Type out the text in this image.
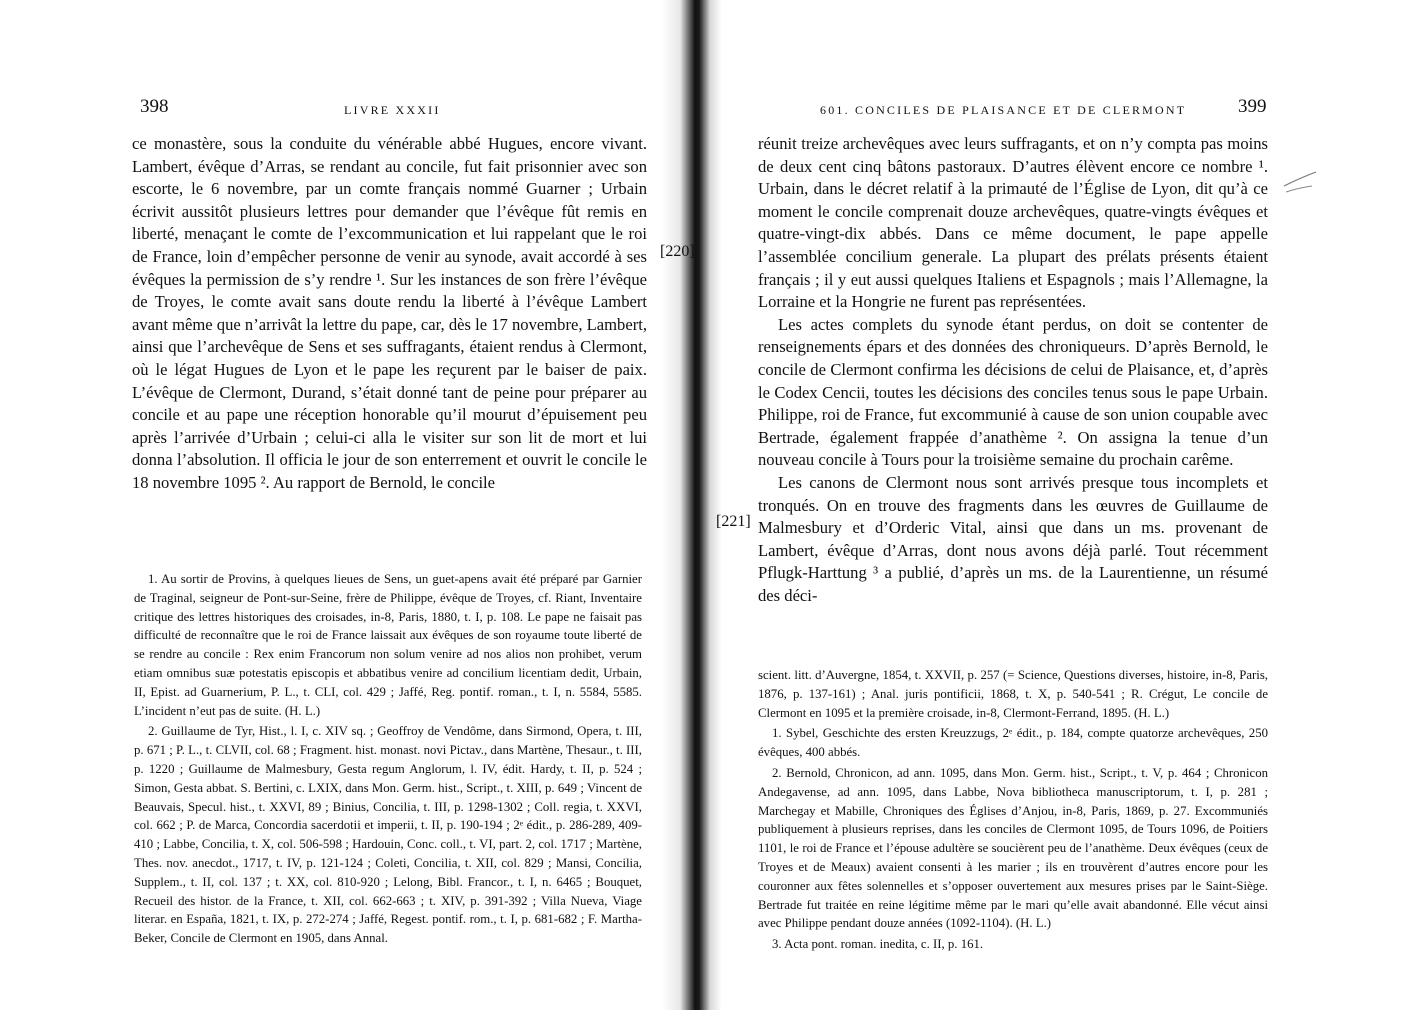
398	LIVRE XXXII

ce monastère, sous la conduite du vénérable abbé Hugues, encore vivant. Lambert, évêque d’Arras, se rendant au concile, fut fait prisonnier avec son escorte, le 6 novembre, par un comte français nommé Guarner ; Urbain écrivit aussitôt plusieurs lettres pour demander que l’évêque fût remis en liberté, menaçant le comte de l’excommunication et lui rappelant que le roi de France, loin d’empêcher personne de venir au synode, avait accordé à ses évêques la permission de s’y rendre ¹. Sur les instances de son frère l’évêque de Troyes, le comte avait sans doute rendu la liberté à l’évêque Lambert avant même que n’arrivât la lettre du pape, car, dès le 17 novembre, Lambert, ainsi que l’archevêque de Sens et ses suffragants, étaient rendus à Clermont, où le légat Hugues de Lyon et le pape les reçurent par le baiser de paix. L’évêque de Clermont, Durand, s’était donné tant de peine pour préparer au concile et au pape une réception honorable qu’il mourut d’épuisement peu après l’arrivée d’Urbain ; celui-ci alla le visiter sur son lit de mort et lui donna l’absolution. Il officia le jour de son enterrement et ouvrit le concile le 18 novembre 1095 ². Au rapport de Bernold, le concile

[220]

1. Au sortir de Provins, à quelques lieues de Sens, un guet-apens avait été préparé par Garnier de Traginal, seigneur de Pont-sur-Seine, frère de Philippe, évêque de Troyes, cf. Riant, Inventaire critique des lettres historiques des croisades, in-8, Paris, 1880, t. I, p. 108. Le pape ne faisait pas difficulté de reconnaître que le roi de France laissait aux évêques de son royaume toute liberté de se rendre au concile : Rex enim Francorum non solum venire ad nos alios non prohibet, verum etiam omnibus suæ potestatis episcopis et abbatibus venire ad concilium licentiam dedit, Urbain, II, Epist. ad Guarnerium, P. L., t. CLI, col. 429 ; Jaffé, Reg. pontif. roman., t. I, n. 5584, 5585. L’incident n’eut pas de suite. (H. L.)

2. Guillaume de Tyr, Hist., l. I, c. XIV sq. ; Geoffroy de Vendôme, dans Sirmond, Opera, t. III, p. 671 ; P. L., t. CLVII, col. 68 ; Fragment. hist. monast. novi Pictav., dans Martène, Thesaur., t. III, p. 1220 ; Guillaume de Malmesbury, Gesta regum Anglorum, l. IV, édit. Hardy, t. II, p. 524 ; Simon, Gesta abbat. S. Bertini, c. LXIX, dans Mon. Germ. hist., Script., t. XIII, p. 649 ; Vincent de Beauvais, Specul. hist., t. XXVI, 89 ; Binius, Concilia, t. III, p. 1298-1302 ; Coll. regia, t. XXVI, col. 662 ; P. de Marca, Concordia sacerdotii et imperii, t. II, p. 190-194 ; 2ᵉ édit., p. 286-289, 409-410 ; Labbe, Concilia, t. X, col. 506-598 ; Hardouin, Conc. coll., t. VI, part. 2, col. 1717 ; Martène, Thes. nov. anecdot., 1717, t. IV, p. 121-124 ; Coleti, Concilia, t. XII, col. 829 ; Mansi, Concilia, Supplem., t. II, col. 137 ; t. XX, col. 810-920 ; Lelong, Bibl. Francor., t. I, n. 6465 ; Bouquet, Recueil des histor. de la France, t. XII, col. 662-663 ; t. XIV, p. 391-392 ; Villa Nueva, Viage literar. en España, 1821, t. IX, p. 272-274 ; Jaffé, Regest. pontif. rom., t. I, p. 681-682 ; F. Martha-Beker, Concile de Clermont en 1905, dans Annal.

399
601. CONCILES DE PLAISANCE ET DE CLERMONT

réunit treize archevêques avec leurs suffragants, et on n’y compta pas moins de deux cent cinq bâtons pastoraux. D’autres élèvent encore ce nombre ¹. Urbain, dans le décret relatif à la primauté de l’Église de Lyon, dit qu’à ce moment le concile comprenait douze archevêques, quatre-vingts évêques et quatre-vingt-dix abbés. Dans ce même document, le pape appelle l’assemblée concilium generale. La plupart des prélats présents étaient français ; il y eut aussi quelques Italiens et Espagnols ; mais l’Allemagne, la Lorraine et la Hongrie ne furent pas représentées.

Les actes complets du synode étant perdus, on doit se contenter de renseignements épars et des données des chroniqueurs. D’après Bernold, le concile de Clermont confirma les décisions de celui de Plaisance, et, d’après le Codex Cencii, toutes les décisions des conciles tenus sous le pape Urbain. Philippe, roi de France, fut excommunié à cause de son union coupable avec Bertrade, également frappée d’anathème ². On assigna la tenue d’un nouveau concile à Tours pour la troisième semaine du prochain carême.

Les canons de Clermont nous sont arrivés presque tous incomplets et tronqués. On en trouve des fragments dans les œuvres de Guillaume de Malmesbury et d’Orderic Vital, ainsi que dans un ms. provenant de Lambert, évêque d’Arras, dont nous avons déjà parlé. Tout récemment Pflugk-Harttung ³ a publié, d’après un ms. de la Laurentienne, un résumé des déci-

[221]

scient. litt. d’Auvergne, 1854, t. XXVII, p. 257 (= Science, Questions diverses, histoire, in-8, Paris, 1876, p. 137-161) ; Anal. juris pontificii, 1868, t. X, p. 540-541 ; R. Crégut, Le concile de Clermont en 1095 et la première croisade, in-8, Clermont-Ferrand, 1895. (H. L.)

1. Sybel, Geschichte des ersten Kreuzzugs, 2ᵉ édit., p. 184, compte quatorze archevêques, 250 évêques, 400 abbés.

2. Bernold, Chronicon, ad ann. 1095, dans Mon. Germ. hist., Script., t. V, p. 464 ; Chronicon Andegavense, ad ann. 1095, dans Labbe, Nova bibliotheca manuscriptorum, t. I, p. 281 ; Marchegay et Mabille, Chroniques des Églises d’Anjou, in-8, Paris, 1869, p. 27. Excommuniés publiquement à plusieurs reprises, dans les conciles de Clermont 1095, de Tours 1096, de Poitiers 1101, le roi de France et l’épouse adultère se soucièrent peu de l’anathème. Deux évêques (ceux de Troyes et de Meaux) avaient consenti à les marier ; ils en trouvèrent d’autres encore pour les couronner aux fêtes solennelles et s’opposer ouvertement aux mesures prises par le Saint-Siège. Bertrade fut traitée en reine légitime même par le mari qu’elle avait abandonné. Elle vécut ainsi avec Philippe pendant douze années (1092-1104). (H. L.)

3. Acta pont. roman. inedita, c. II, p. 161.
